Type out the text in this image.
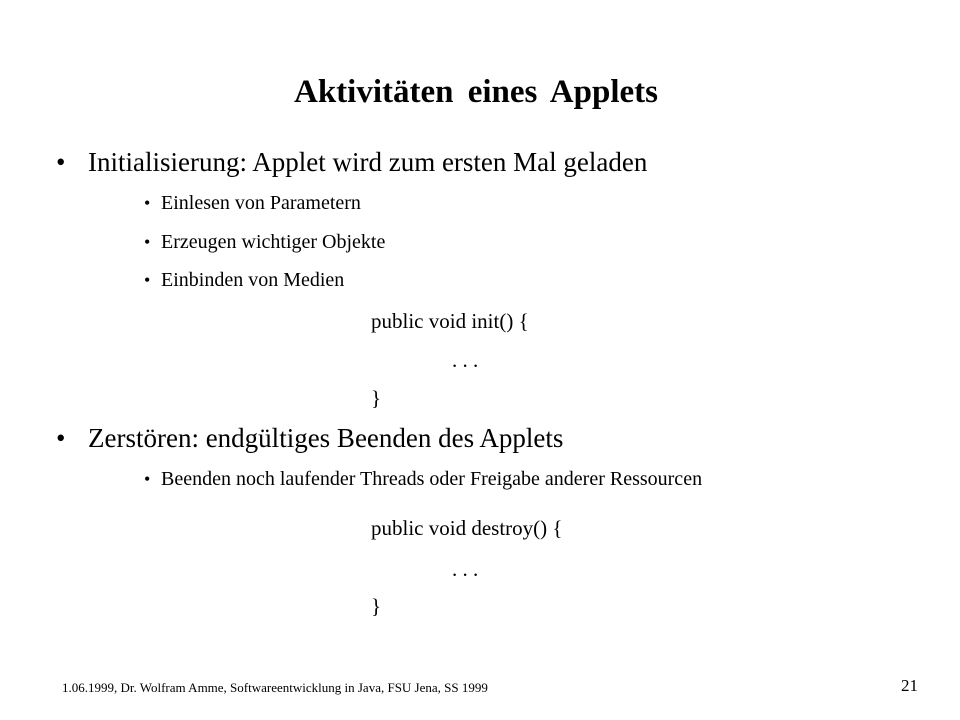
Aktivitäten eines Applets
• Initialisierung: Applet wird zum ersten Mal geladen
• Einlesen von Parametern
• Erzeugen wichtiger Objekte
• Einbinden von Medien
public void init() {
. . .
}
• Zerstören: endgültiges Beenden des Applets
• Beenden noch laufender Threads oder Freigabe anderer Ressourcen
public void destroy() {
. . .
}
1.06.1999, Dr. Wolfram Amme, Softwareentwicklung in Java, FSU Jena, SS 1999	21
